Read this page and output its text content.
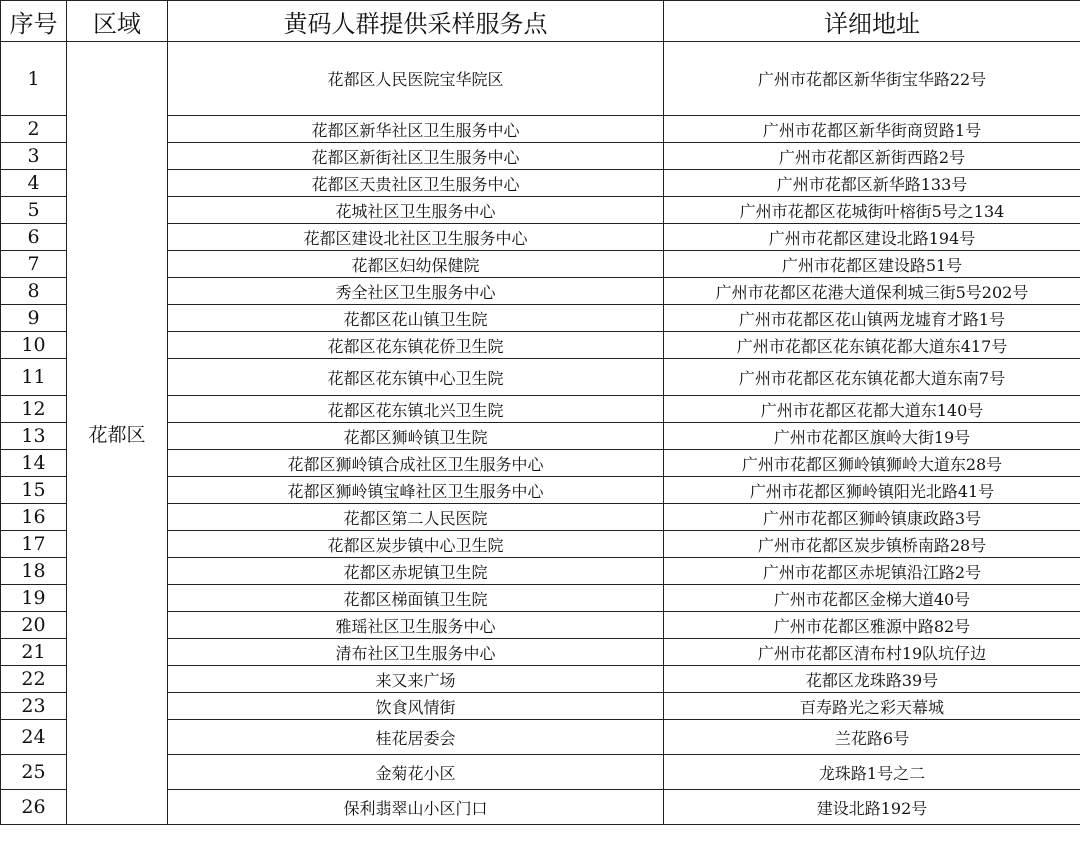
序号	区域	黄码人群提供采样服务点	详细地址
1	花都区	花都区人民医院宝华院区	广州市花都区新华街宝华路22号
2		花都区新华社区卫生服务中心	广州市花都区新华街商贸路1号
3		花都区新街社区卫生服务中心	广州市花都区新街西路2号
4		花都区天贵社区卫生服务中心	广州市花都区新华路133号
5		花城社区卫生服务中心	广州市花都区花城街叶榕街5号之134
6		花都区建设北社区卫生服务中心	广州市花都区建设北路194号
7		花都区妇幼保健院	广州市花都区建设路51号
8		秀全社区卫生服务中心	广州市花都区花港大道保利城三街5号202号
9		花都区花山镇卫生院	广州市花都区花山镇两龙墟育才路1号
10		花都区花东镇花侨卫生院	广州市花都区花东镇花都大道东417号
11		花都区花东镇中心卫生院	广州市花都区花东镇花都大道东南7号
12		花都区花东镇北兴卫生院	广州市花都区花都大道东140号
13		花都区狮岭镇卫生院	广州市花都区旗岭大街19号
14		花都区狮岭镇合成社区卫生服务中心	广州市花都区狮岭镇狮岭大道东28号
15		花都区狮岭镇宝峰社区卫生服务中心	广州市花都区狮岭镇阳光北路41号
16		花都区第二人民医院	广州市花都区狮岭镇康政路3号
17		花都区炭步镇中心卫生院	广州市花都区炭步镇桥南路28号
18		花都区赤坭镇卫生院	广州市花都区赤坭镇沿江路2号
19		花都区梯面镇卫生院	广州市花都区金梯大道40号
20		雅瑶社区卫生服务中心	广州市花都区雅源中路82号
21		清布社区卫生服务中心	广州市花都区清布村19队坑仔边
22		来又来广场	花都区龙珠路39号
23		饮食风情街	百寿路光之彩天幕城
24		桂花居委会	兰花路6号
25		金菊花小区	龙珠路1号之二
26		保利翡翠山小区门口	建设北路192号
